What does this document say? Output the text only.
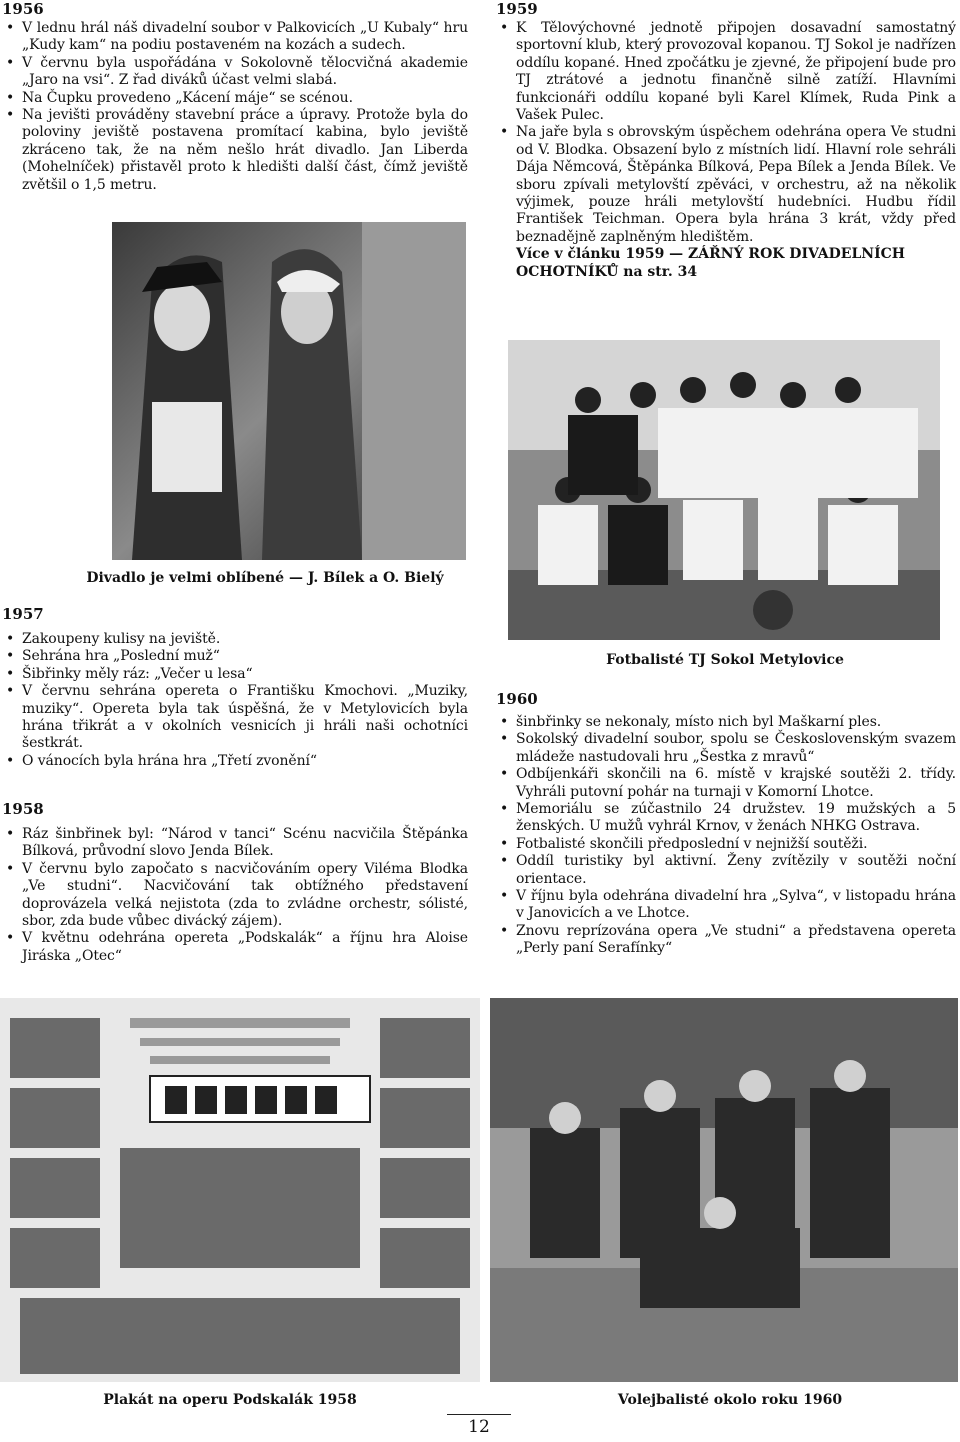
1956
• V lednu hrál náš divadelní soubor v Palkovicích „U Kubaly“ hru „Kudy kam“ na podiu postaveném na kozách a sudech.
• V červnu byla uspořádána v Sokolovně tělocvičná akademie „Jaro na vsi“. Z řad diváků účast velmi slabá.
• Na Čupku provedeno „Kácení máje“ se scénou.
• Na jevišti prováděny stavební práce a úpravy. Protože byla do poloviny jeviště postavena promítací kabina, bylo jeviště zkráceno tak, že na něm nešlo hrát divadlo. Jan Liberda (Mohelníček) přistavěl proto k hledišti další část, čímž jeviště zvětšil o 1,5 metru.
Divadlo je velmi oblíbené — J. Bílek a O. Bielý
1957
• Zakoupeny kulisy na jeviště.
• Sehrána hra „Poslední muž“
• Šibřinky měly ráz: „Večer u lesa“
• V červnu sehrána opereta o Františku Kmochovi. „Muziky, muziky“. Opereta byla tak úspěšná, že v Metylovicích byla hrána třikrát a v okolních vesnicích ji hráli naši ochotníci šestkrát.
• O vánocích byla hrána hra „Třetí zvonění“
1958
• Ráz šinbřinek byl: “Národ v tanci“ Scénu nacvičila Štěpánka Bílková, průvodní slovo Jenda Bílek.
• V červnu bylo započato s nacvičováním opery Viléma Blodka „Ve studni“. Nacvičování tak obtížného představení doprovázela velká nejistota (zda to zvládne orchestr, sólisté, sbor, zda bude vůbec divácký zájem).
• V květnu odehrána opereta „Podskalák“ a říjnu hra Aloise Jiráska „Otec“
1959
• K Tělovýchovné jednotě připojen dosavadní samostatný sportovní klub, který provozoval kopanou. TJ Sokol je nadřízen oddílu kopané. Hned zpočátku je zjevné, že připojení bude pro TJ ztrátové a jednotu finančně silně zatíží. Hlavními funkcionáři oddílu kopané byli Karel Klímek, Ruda Pink a Vašek Pulec.
• Na jaře byla s obrovským úspěchem odehrána opera Ve studni od V. Blodka. Obsazení bylo z místních lidí. Hlavní role sehráli Dája Němcová, Štěpánka Bílková, Pepa Bílek a Jenda Bílek. Ve sboru zpívali metylovští zpěváci, v orchestru, až na několik výjimek, pouze hráli metylovští hudebníci. Hudbu řídil František Teichman. Opera byla hrána 3 krát, vždy před beznadějně zaplněným hledištěm.
Více v článku 1959 — ZÁŘNÝ ROK DIVADELNÍCH OCHOTNÍKŮ na str. 34
Fotbalisté TJ Sokol Metylovice
1960
• šinbřinky se nekonaly, místo nich byl Maškarní ples.
• Sokolský divadelní soubor, spolu se Československým svazem mládeže nastudovali hru „Šestka z mravů“
• Odbíjenkáři skončili na 6. místě v krajské soutěži 2. třídy. Vyhráli putovní pohár na turnaji v Komorní Lhotce.
• Memoriálu se zúčastnilo 24 družstev. 19 mužských a 5 ženských. U mužů vyhrál Krnov, v ženách NHKG Ostrava.
• Fotbalisté skončili předposlední v nejnižší soutěži.
• Oddíl turistiky byl aktivní. Ženy zvítězily v soutěži noční orientace.
• V říjnu byla odehrána divadelní hra „Sylva“, v listopadu hrána v Janovicích a ve Lhotce.
• Znovu reprízována opera „Ve studni“ a představena opereta „Perly paní Serafínky“
Plakát na operu Podskalák 1958	Volejbalisté okolo roku 1960
12
